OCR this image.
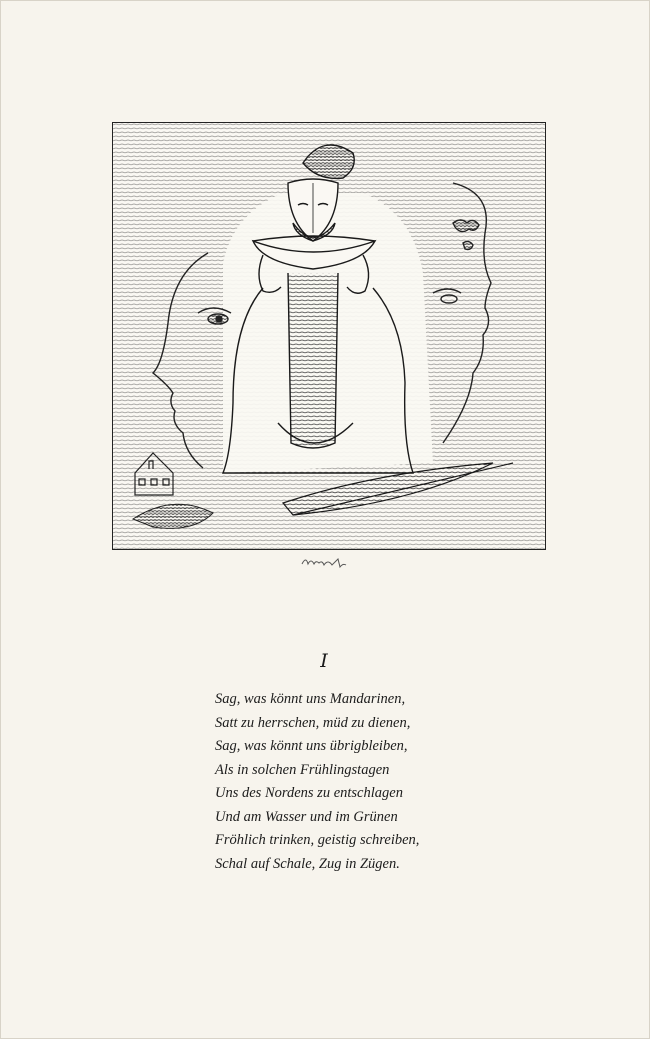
I
Sag, was könnt uns Mandarinen,
Satt zu herrschen, müd zu dienen,
Sag, was könnt uns übrigbleiben,
Als in solchen Frühlingstagen
Uns des Nordens zu entschlagen
Und am Wasser und im Grünen
Fröhlich trinken, geistig schreiben,
Schal auf Schale, Zug in Zügen.
